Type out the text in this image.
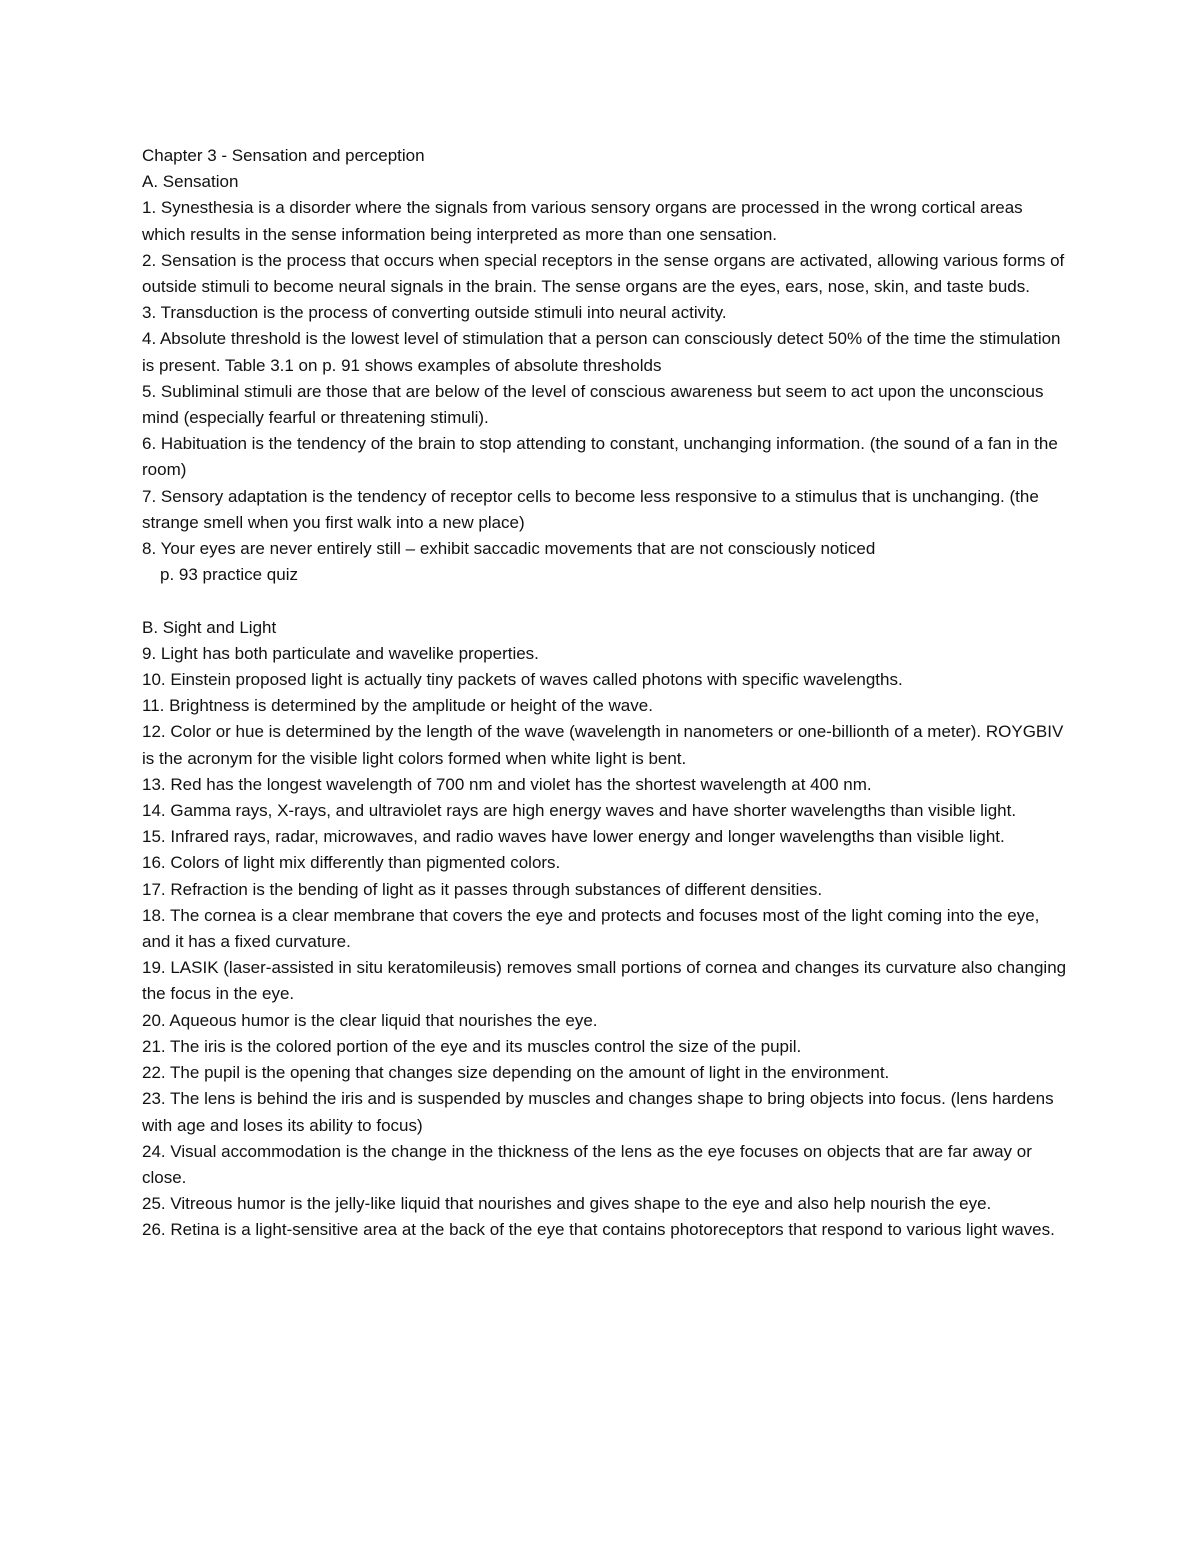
Chapter 3 - Sensation and perception

A. Sensation

1. Synesthesia is a disorder where the signals from various sensory organs are processed in the wrong cortical areas which results in the sense information being interpreted as more than one sensation.

2. Sensation is the process that occurs when special receptors in the sense organs are activated, allowing various forms of outside stimuli to become neural signals in the brain. The sense organs are the eyes, ears, nose, skin, and taste buds.

3. Transduction is the process of converting outside stimuli into neural activity.

4. Absolute threshold is the lowest level of stimulation that a person can consciously detect 50% of the time the stimulation is present. Table 3.1 on p. 91 shows examples of absolute thresholds

5. Subliminal stimuli are those that are below of the level of conscious awareness but seem to act upon the unconscious mind (especially fearful or threatening stimuli).

6. Habituation is the tendency of the brain to stop attending to constant, unchanging information. (the sound of a fan in the room)

7. Sensory adaptation is the tendency of receptor cells to become less responsive to a stimulus that is unchanging. (the strange smell when you first walk into a new place)

8. Your eyes are never entirely still – exhibit saccadic movements that are not consciously noticed

p. 93 practice quiz

B. Sight and Light

9. Light has both particulate and wavelike properties.

10. Einstein proposed light is actually tiny packets of waves called photons with specific wavelengths.

11. Brightness is determined by the amplitude or height of the wave.

12. Color or hue is determined by the length of the wave (wavelength in nanometers or one-billionth of a meter). ROYGBIV is the acronym for the visible light colors formed when white light is bent.

13. Red has the longest wavelength of 700 nm and violet has the shortest wavelength at 400 nm.

14. Gamma rays, X-rays, and ultraviolet rays are high energy waves and have shorter wavelengths than visible light.

15. Infrared rays, radar, microwaves, and radio waves have lower energy and longer wavelengths than visible light.

16. Colors of light mix differently than pigmented colors.

17. Refraction is the bending of light as it passes through substances of different densities.

18. The cornea is a clear membrane that covers the eye and protects and focuses most of the light coming into the eye, and it has a fixed curvature.

19. LASIK (laser-assisted in situ keratomileusis) removes small portions of cornea and changes its curvature also changing the focus in the eye.

20. Aqueous humor is the clear liquid that nourishes the eye.

21. The iris is the colored portion of the eye and its muscles control the size of the pupil.

22. The pupil is the opening that changes size depending on the amount of light in the environment.

23. The lens is behind the iris and is suspended by muscles and changes shape to bring objects into focus. (lens hardens with age and loses its ability to focus)

24. Visual accommodation is the change in the thickness of the lens as the eye focuses on objects that are far away or close.

25. Vitreous humor is the jelly-like liquid that nourishes and gives shape to the eye and also help nourish the eye.

26. Retina is a light-sensitive area at the back of the eye that contains photoreceptors that respond to various light waves.
